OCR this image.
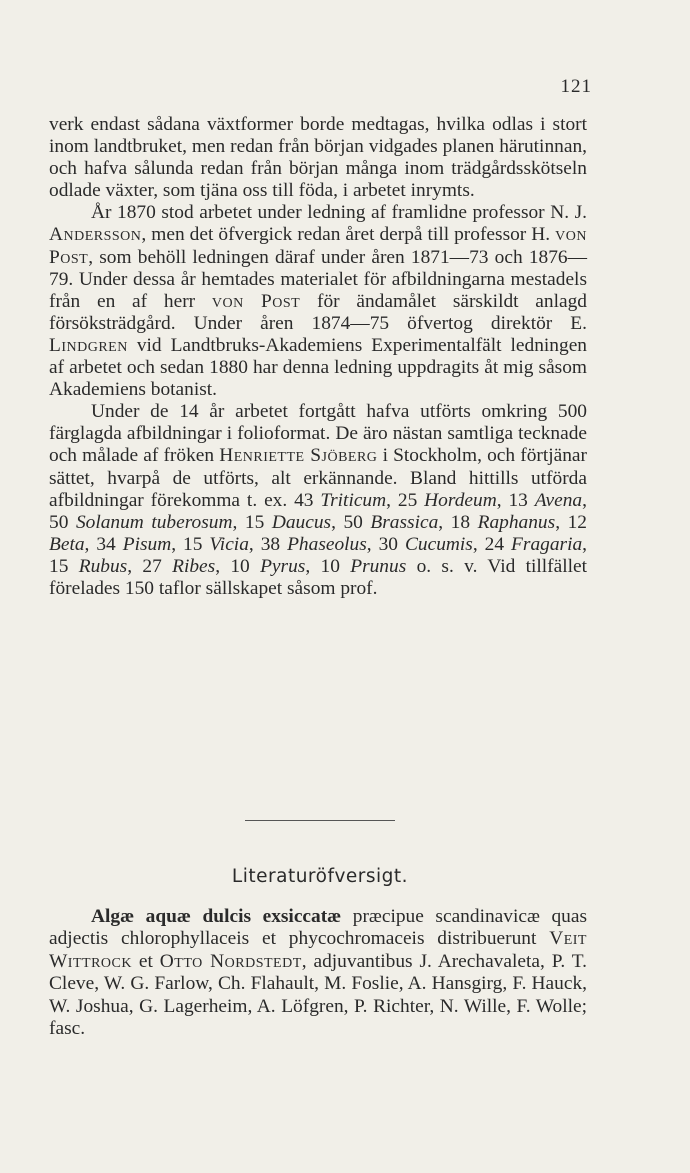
121

verk endast sådana växtformer borde medtagas, hvilka odlas i stort inom landtbruket, men redan från början vidgades planen härutinnan, och hafva sålunda redan från början många inom trädgårdsskötseln odlade växter, som tjäna oss till föda, i arbetet inrymts.

År 1870 stod arbetet under ledning af framlidne professor N. J. Andersson, men det öfvergick redan året derpå till professor H. von Post, som behöll ledningen däraf under åren 1871—73 och 1876—79. Under dessa år hemtades materialet för afbildningarna mestadels från en af herr von Post för ändamålet särskildt anlagd försöksträdgård. Under åren 1874—75 öfvertog direktör E. Lindgren vid Landtbruks-Akademiens Experimentalfält ledningen af arbetet och sedan 1880 har denna ledning uppdragits åt mig såsom Akademiens botanist.

Under de 14 år arbetet fortgått hafva utförts omkring 500 färglagda afbildningar i folioformat. De äro nästan samtliga tecknade och målade af fröken Henriette Sjöberg i Stockholm, och förtjänar sättet, hvarpå de utförts, alt erkännande. Bland hittills utförda afbildningar förekomma t. ex. 43 Triticum, 25 Hordeum, 13 Avena, 50 Solanum tuberosum, 15 Daucus, 50 Brassica, 18 Raphanus, 12 Beta, 34 Pisum, 15 Vicia, 38 Phaseolus, 30 Cucumis, 24 Fragaria, 15 Rubus, 27 Ribes, 10 Pyrus, 10 Prunus o. s. v. Vid tillfället förelades 150 taflor sällskapet såsom prof.

Literaturöfversigt.

Algæ aquæ dulcis exsiccatæ præcipue scandinavicæ quas adjectis chlorophyllaceis et phycochromaceis distribuerunt Veit Wittrock et Otto Nordstedt, adjuvantibus J. Arechavaleta, P. T. Cleve, W. G. Farlow, Ch. Flahault, M. Foslie, A. Hansgirg, F. Hauck, W. Joshua, G. Lagerheim, A. Löfgren, P. Richter, N. Wille, F. Wolle; fasc.
